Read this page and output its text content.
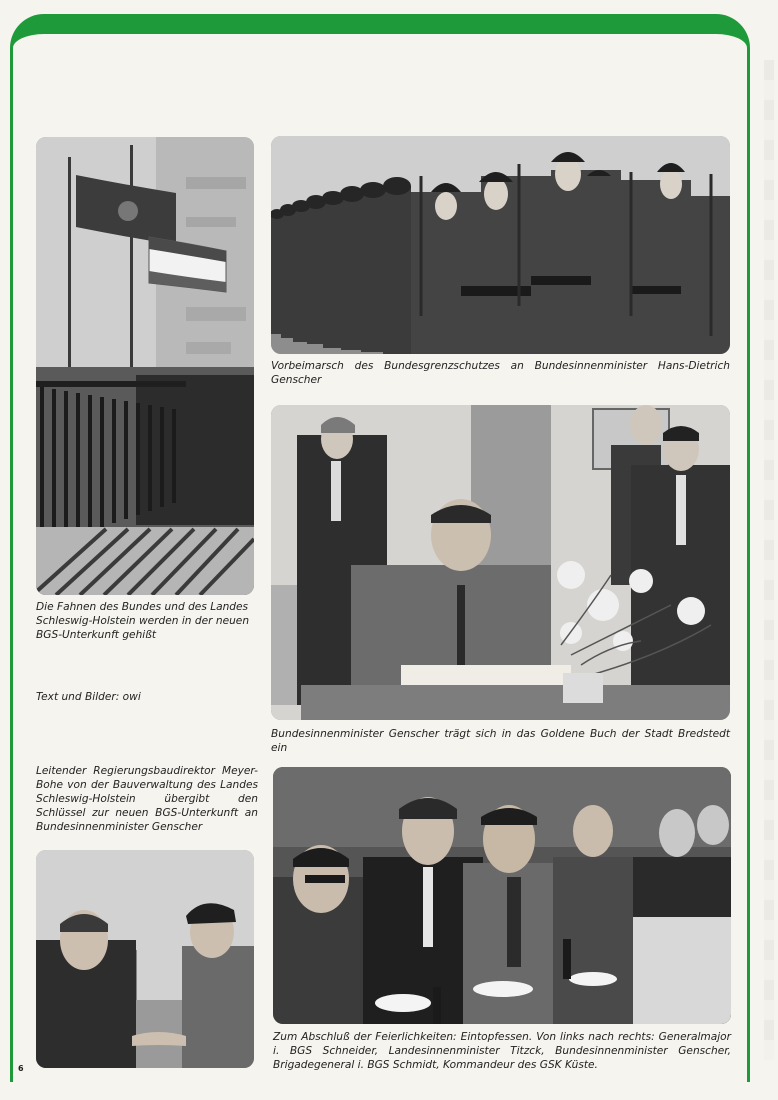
Die Fahnen des Bundes und des Landes Schleswig-Holstein werden in der neuen BGS-Unterkunft gehißt

Text und Bilder: owi

Vorbeimarsch des Bundesgrenzschutzes an Bundesinnenminister Hans-Dietrich Genscher

Bundesinnenminister Genscher trägt sich in das Goldene Buch der Stadt Bredstedt ein

Leitender Regierungsbaudirektor Meyer-Bohe von der Bauverwaltung des Landes Schleswig-Holstein übergibt den Schlüssel zur neuen BGS-Unterkunft an Bundesinnenminister Genscher

Zum Abschluß der Feierlichkeiten: Eintopfessen. Von links nach rechts: Generalmajor i. BGS Schneider, Landesinnenminister Titzck, Bundesinnenminister Genscher, Brigadegeneral i. BGS Schmidt, Kommandeur des GSK Küste.

6
